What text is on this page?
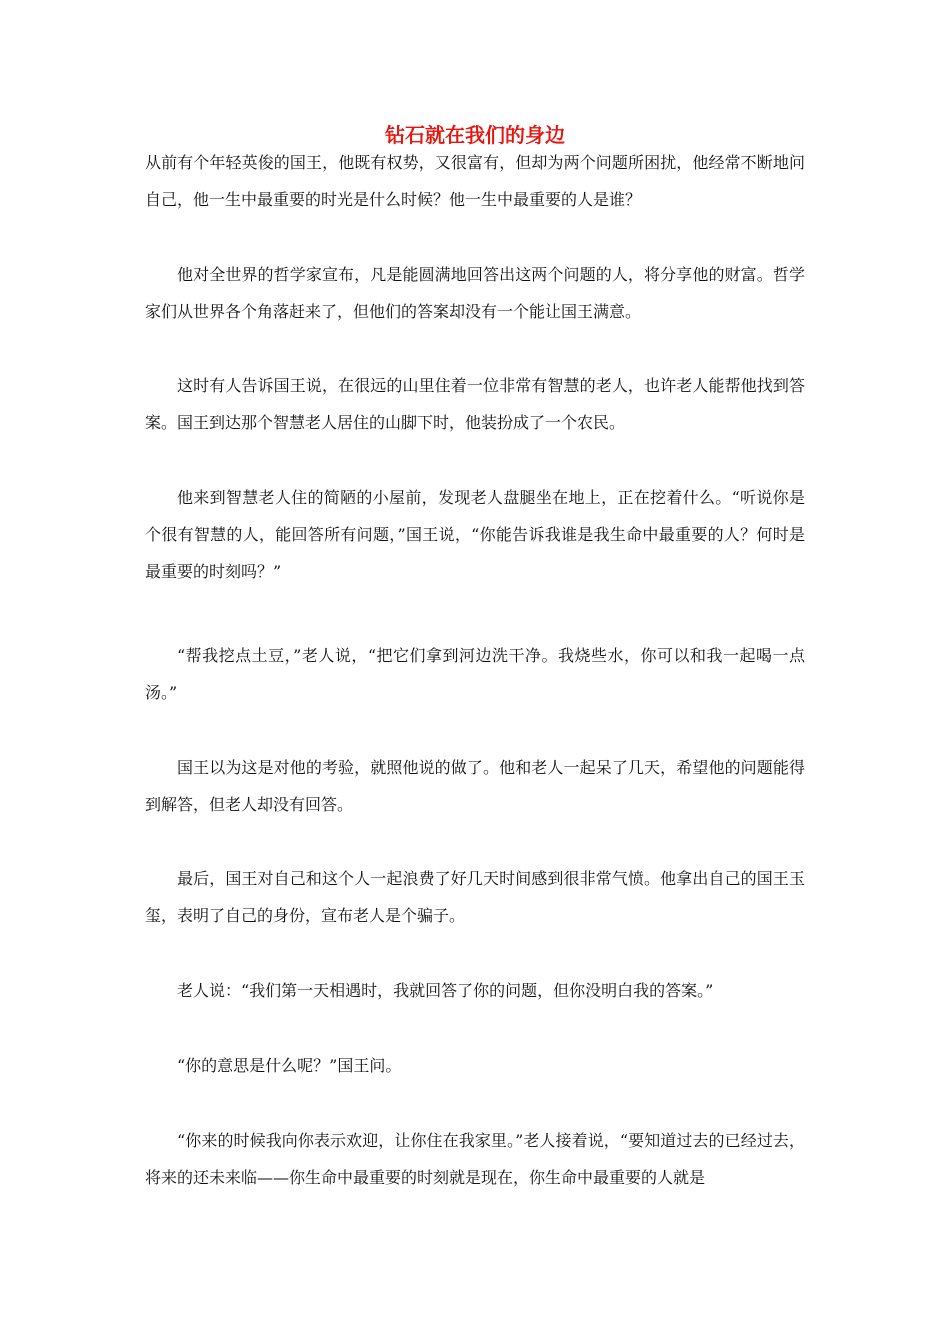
钻石就在我们的身边

从前有个年轻英俊的国王，他既有权势，又很富有，但却为两个问题所困扰，他经常不断地问自己，他一生中最重要的时光是什么时候？他一生中最重要的人是谁？

他对全世界的哲学家宣布，凡是能圆满地回答出这两个问题的人，将分享他的财富。哲学家们从世界各个角落赶来了，但他们的答案却没有一个能让国王满意。

这时有人告诉国王说，在很远的山里住着一位非常有智慧的老人，也许老人能帮他找到答案。国王到达那个智慧老人居住的山脚下时，他装扮成了一个农民。

他来到智慧老人住的简陋的小屋前，发现老人盘腿坐在地上，正在挖着什么。“听说你是个很有智慧的人，能回答所有问题，”国王说，“你能告诉我谁是我生命中最重要的人？何时是最重要的时刻吗？”

“帮我挖点土豆，”老人说，“把它们拿到河边洗干净。我烧些水，你可以和我一起喝一点汤。”

国王以为这是对他的考验，就照他说的做了。他和老人一起呆了几天，希望他的问题能得到解答，但老人却没有回答。

最后，国王对自己和这个人一起浪费了好几天时间感到很非常气愤。他拿出自己的国王玉玺，表明了自己的身份，宣布老人是个骗子。

老人说：“我们第一天相遇时，我就回答了你的问题，但你没明白我的答案。”

“你的意思是什么呢？”国王问。

“你来的时候我向你表示欢迎，让你住在我家里。”老人接着说，“要知道过去的已经过去，将来的还未来临——你生命中最重要的时刻就是现在，你生命中最重要的人就是
